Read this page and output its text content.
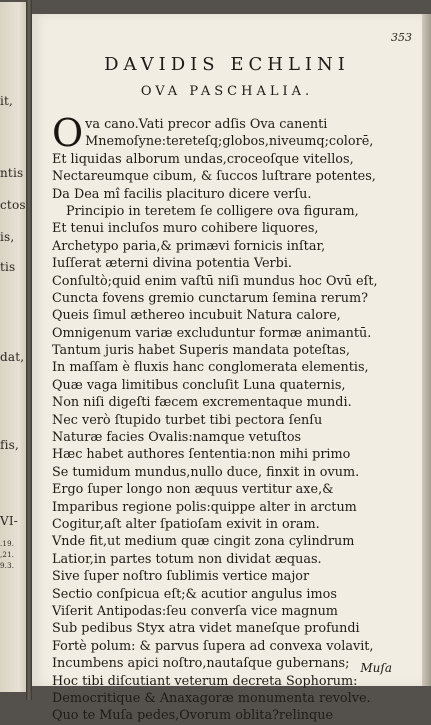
it,
ntis
ctos
is,
tis
dat,
fis,
VI-
.19.
,21.
9.3.
353
DAVIDIS ECHLINI
OVA PASCHALIA.
O va cano.Vati precor adſis Ova canenti
Mnemoſyne:tereteſq;globos,niveumq;colorē,
Et liquidas alborum undas,croceoſque vitellos,
Nectareumque cibum, & ſuccos luſtrare potentes,
Da Dea mî facilis placituro dicere verſu.
Principio in teretem ſe colligere ova figuram,
Et tenui incluſos muro cohibere liquores,
Archetypo paria,& primævi fornicis inſtar,
Iuſſerat æterni divina potentia Verbi.
Conſultò;quid enim vaſtū niſi mundus hoc Ovū eſt,
Cuncta fovens gremio cunctarum ſemina rerum?
Queis ſimul æthereo incubuit Natura calore,
Omnigenum variæ excluduntur formæ animantū.
Tantum juris habet Superis mandata poteſtas,
In maſſam è fluxis hanc conglomerata elementis,
Quæ vaga limitibus concluſit Luna quaternis,
Non niſi digeſti fæcem excrementaque mundi.
Nec verò ſtupido turbet tibi pectora ſenſu
Naturæ facies Ovalis:namque vetuſtos
Hæc habet authores ſententia:non mihi primo
Se tumidum mundus,nullo duce, finxit in ovum.
Ergo ſuper longo non æquus vertitur axe,&
Imparibus regione polis:quippe alter in arctum
Cogitur,aſt alter ſpatioſam exivit in oram.
Vnde fit,ut medium quæ cingit zona cylindrum
Latior,in partes totum non dividat æquas.
Sive ſuper noſtro ſublimis vertice major
Sectio conſpicua eſt;& acutior angulus imos
Viſerit Antipodas:ſeu converſa vice magnum
Sub pedibus Styx atra videt maneſque profundi
Fortè polum: & parvus ſupera ad convexa volavit,
Incumbens apici noſtro,nautaſque gubernans;
Hoc tibi diſcutiant veterum decreta Sophorum:
Democritique & Anaxagoræ monumenta revolve.
Quo te Muſa pedes,Ovorum oblita?relinque
Muſa
